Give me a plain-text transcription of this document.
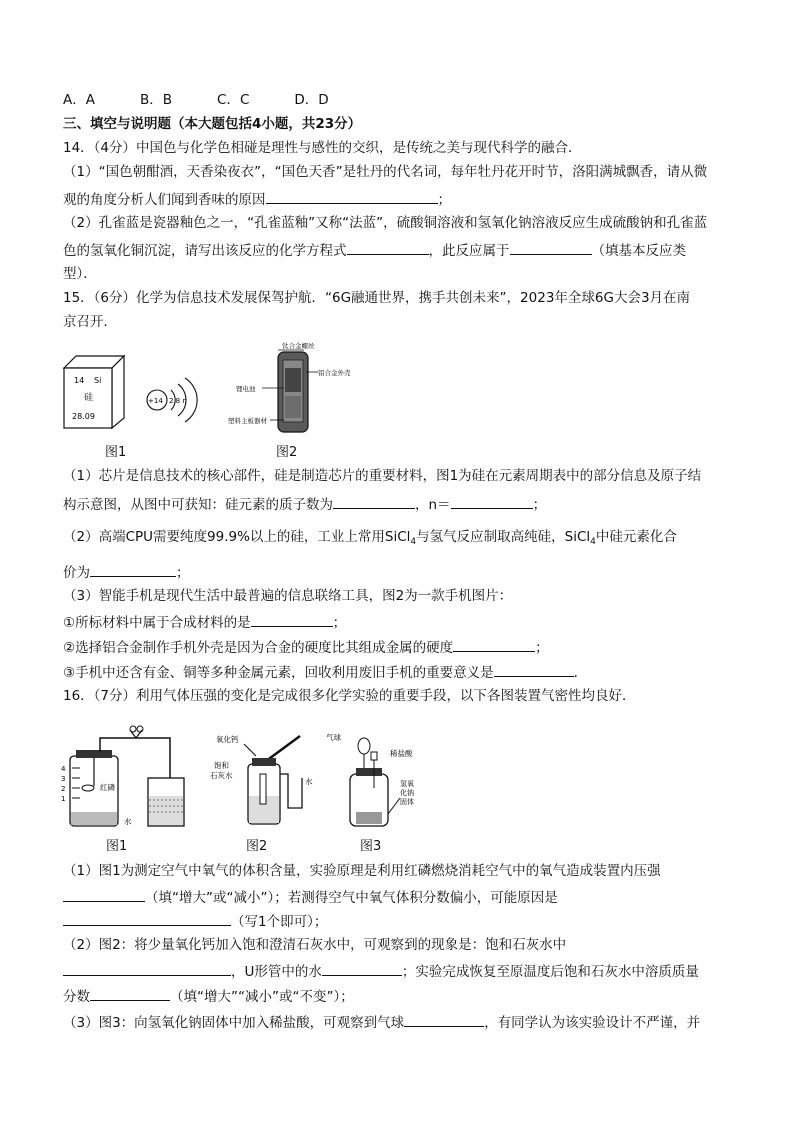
A．A	B．B	C．C	D．D
三、填空与说明题（本大题包括4小题，共23分）
14．（4分）中国色与化学色相碰是理性与感性的交织，是传统之美与现代科学的融合．
（1）“国色朝酣酒，天香染夜衣”，“国色天香”是牡丹的代名词，每年牡丹花开时节，洛阳满城飘香，请从微
观的角度分析人们闻到香味的原因	；
（2）孔雀蓝是瓷器釉色之一，“孔雀蓝釉”又称“法蓝”，硫酸铜溶液和氢氧化钠溶液反应生成硫酸钠和孔雀蓝
色的氢氧化铜沉淀，请写出该反应的化学方程式	，此反应属于	（填基本反应类
型）．
15．（6分）化学为信息技术发展保驾护航．“6G融通世界，携手共创未来”，2023年全球6G大会3月在南
京召开．
14 Si
硅
28.09
+14 2 8 n
图1
钛合金螺丝
铝合金外壳
锂电池
塑料主板器材
图2
（1）芯片是信息技术的核心部件，硅是制造芯片的重要材料，图1为硅在元素周期表中的部分信息及原子结
构示意图，从图中可获知：硅元素的质子数为	，n＝	；
（2）高端CPU需要纯度99.9%以上的硅，工业上常用SiCl$_4$与氢气反应制取高纯硅，SiCl$_4$中硅元素化合
价为	；
（3）智能手机是现代生活中最普遍的信息联络工具，图2为一款手机图片：
①所标材料中属于合成材料的是	；
②选择铝合金制作手机外壳是因为合金的硬度比其组成金属的硬度	；
③手机中还含有金、铜等多种金属元素，回收利用废旧手机的重要意义是	．
16．（7分）利用气体压强的变化是完成很多化学实验的重要手段，以下各图装置气密性均良好．
4
3
2
1
红磷
水
图1
氧化钙
饱和
石灰水
水
图2
气球
稀盐酸
氢氧
化钠
固体
图3
（1）图1为测定空气中氧气的体积含量，实验原理是利用红磷燃烧消耗空气中的氧气造成装置内压强
（填“增大”或“减小”）；若测得空气中氧气体积分数偏小，可能原因是
（写1个即可）；
（2）图2：将少量氧化钙加入饱和澄清石灰水中，可观察到的现象是：饱和石灰水中
，U形管中的水	；实验完成恢复至原温度后饱和石灰水中溶质质量
分数	（填“增大”“减小”或“不变”）；
（3）图3：向氢氧化钠固体中加入稀盐酸，可观察到气球	，有同学认为该实验设计不严谨，并
